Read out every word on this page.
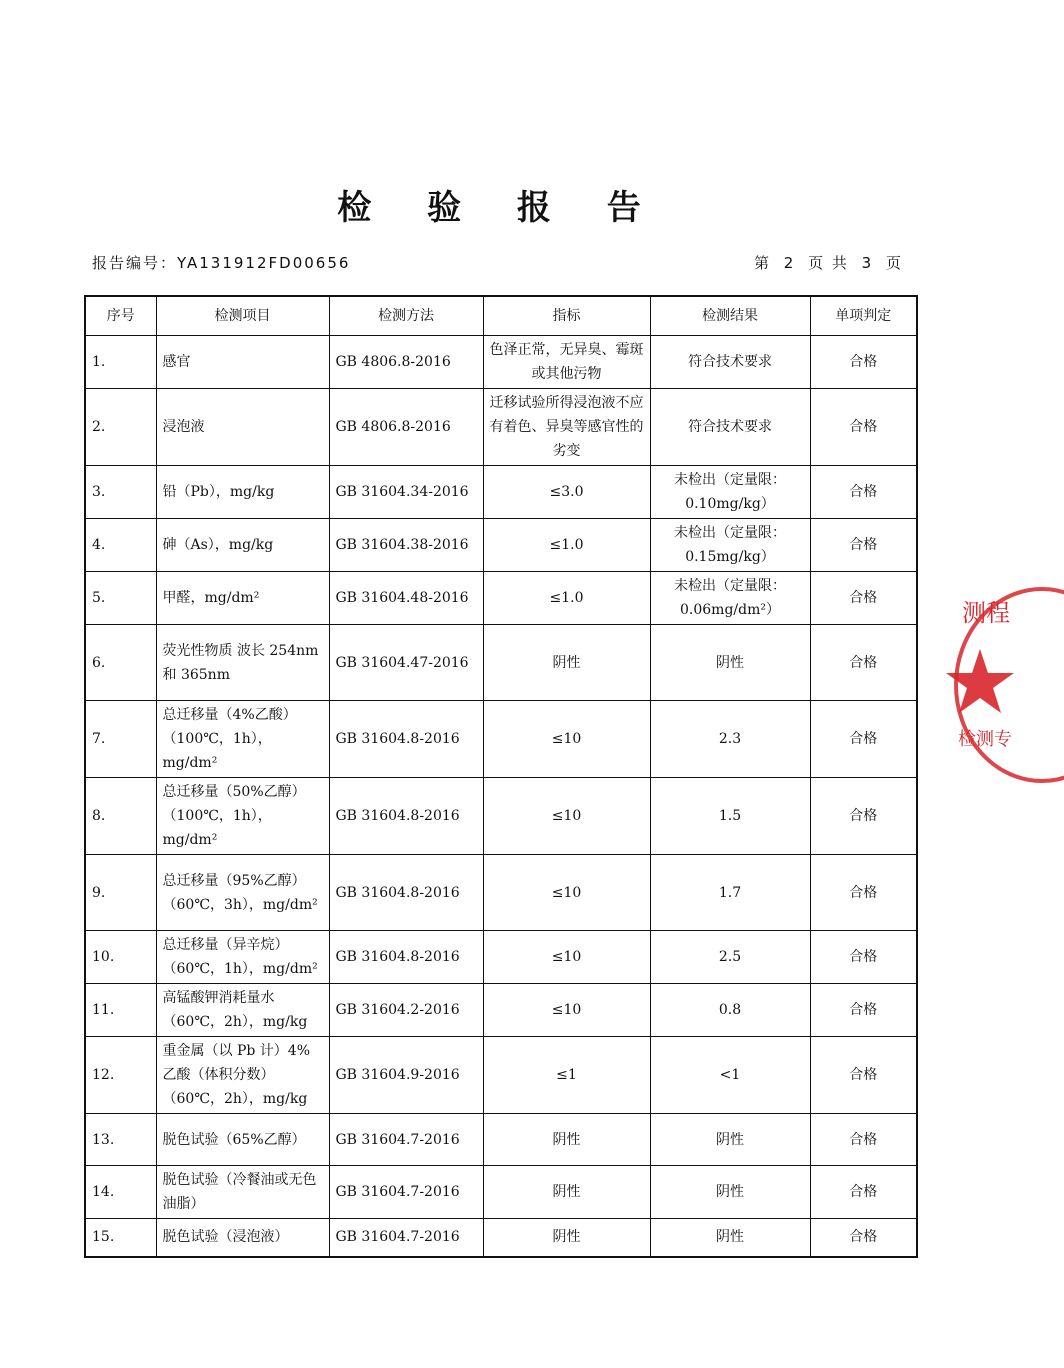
检 验 报 告
报告编号：YA131912FD00656	第 2 页 共 3 页
序号	检测项目	检测方法	指标	检测结果	单项判定
1.	感官	GB 4806.8-2016	色泽正常，无异臭、霉斑或其他污物	符合技术要求	合格
2.	浸泡液	GB 4806.8-2016	迁移试验所得浸泡液不应有着色、异臭等感官性的劣变	符合技术要求	合格
3.	铅（Pb），mg/kg	GB 31604.34-2016	≤3.0	未检出（定量限：0.10mg/kg）	合格
4.	砷（As），mg/kg	GB 31604.38-2016	≤1.0	未检出（定量限：0.15mg/kg）	合格
5.	甲醛，mg/dm²	GB 31604.48-2016	≤1.0	未检出（定量限：0.06mg/dm²）	合格
6.	荧光性物质 波长 254nm 和 365nm	GB 31604.47-2016	阴性	阴性	合格
7.	总迁移量（4%乙酸）（100℃，1h），mg/dm²	GB 31604.8-2016	≤10	2.3	合格
8.	总迁移量（50%乙醇）（100℃，1h），mg/dm²	GB 31604.8-2016	≤10	1.5	合格
9.	总迁移量（95%乙醇）（60℃，3h），mg/dm²	GB 31604.8-2016	≤10	1.7	合格
10.	总迁移量（异辛烷）（60℃，1h），mg/dm²	GB 31604.8-2016	≤10	2.5	合格
11.	高锰酸钾消耗量水（60℃，2h），mg/kg	GB 31604.2-2016	≤10	0.8	合格
12.	重金属（以 Pb 计）4%乙酸（体积分数）（60℃，2h），mg/kg	GB 31604.9-2016	≤1	<1	合格
13.	脱色试验（65%乙醇）	GB 31604.7-2016	阴性	阴性	合格
14.	脱色试验（冷餐油或无色油脂）	GB 31604.7-2016	阴性	阴性	合格
15.	脱色试验（浸泡液）	GB 31604.7-2016	阴性	阴性	合格
测程
检测专
